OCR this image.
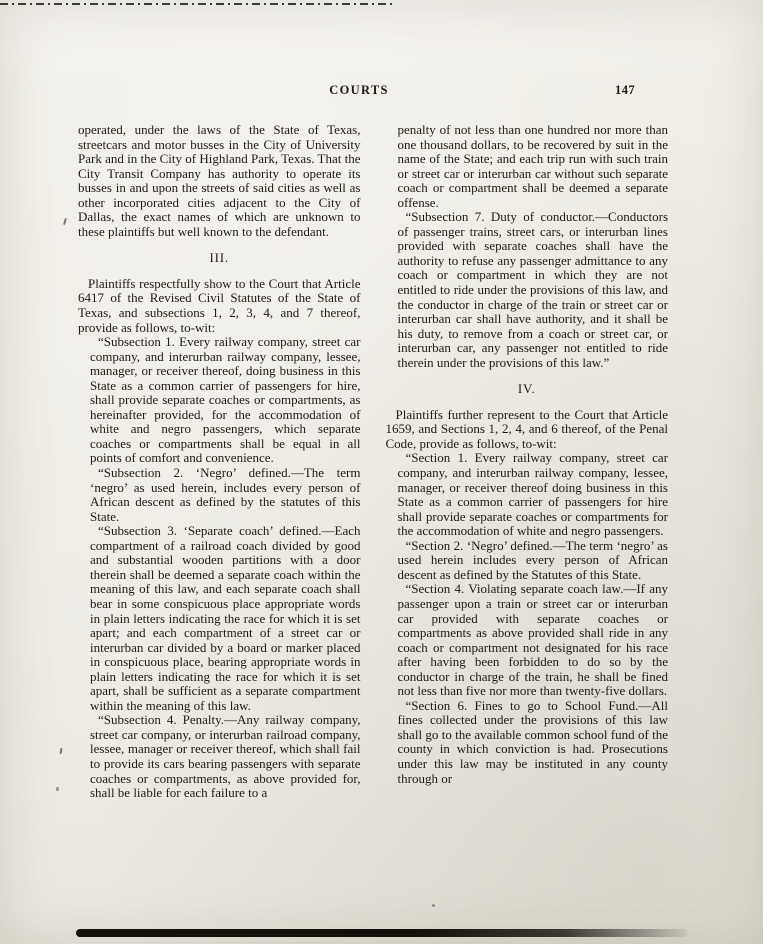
COURTS	147

operated, under the laws of the State of Texas, streetcars and motor busses in the City of University Park and in the City of Highland Park, Texas. That the City Transit Company has authority to operate its busses in and upon the streets of said cities as well as other incorporated cities adjacent to the City of Dallas, the exact names of which are unknown to these plaintiffs but well known to the defendant.

III.

Plaintiffs respectfully show to the Court that Article 6417 of the Revised Civil Statutes of the State of Texas, and subsections 1, 2, 3, 4, and 7 thereof, provide as follows, to-wit:

“Subsection 1. Every railway company, street car company, and interurban railway company, lessee, manager, or receiver thereof, doing business in this State as a common carrier of passengers for hire, shall provide separate coaches or compartments, as hereinafter provided, for the accommodation of white and negro passengers, which separate coaches or compartments shall be equal in all points of comfort and convenience.

“Subsection 2. ‘Negro’ defined.—The term ‘negro’ as used herein, includes every person of African descent as defined by the statutes of this State.

“Subsection 3. ‘Separate coach’ defined.—Each compartment of a railroad coach divided by good and substantial wooden partitions with a door therein shall be deemed a separate coach within the meaning of this law, and each separate coach shall bear in some conspicuous place appropriate words in plain letters indicating the race for which it is set apart; and each compartment of a street car or interurban car divided by a board or marker placed in conspicuous place, bearing appropriate words in plain letters indicating the race for which it is set apart, shall be sufficient as a separate compartment within the meaning of this law.

“Subsection 4. Penalty.—Any railway company, street car company, or interurban railroad company, lessee, manager or receiver thereof, which shall fail to provide its cars bearing passengers with separate coaches or compartments, as above provided for, shall be liable for each failure to a

penalty of not less than one hundred nor more than one thousand dollars, to be recovered by suit in the name of the State; and each trip run with such train or street car or interurban car without such separate coach or compartment shall be deemed a separate offense.

“Subsection 7. Duty of conductor.—Conductors of passenger trains, street cars, or interurban lines provided with separate coaches shall have the authority to refuse any passenger admittance to any coach or compartment in which they are not entitled to ride under the provisions of this law, and the conductor in charge of the train or street car or interurban car shall have authority, and it shall be his duty, to remove from a coach or street car, or interurban car, any passenger not entitled to ride therein under the provisions of this law.”

IV.

Plaintiffs further represent to the Court that Article 1659, and Sections 1, 2, 4, and 6 thereof, of the Penal Code, provide as follows, to-wit:

“Section 1. Every railway company, street car company, and interurban railway company, lessee, manager, or receiver thereof doing business in this State as a common carrier of passengers for hire shall provide separate coaches or compartments for the accommodation of white and negro passengers.

“Section 2. ‘Negro’ defined.—The term ‘negro’ as used herein includes every person of African descent as defined by the Statutes of this State.

“Section 4. Violating separate coach law.—If any passenger upon a train or street car or interurban car provided with separate coaches or compartments as above provided shall ride in any coach or compartment not designated for his race after having been forbidden to do so by the conductor in charge of the train, he shall be fined not less than five nor more than twenty-five dollars.

“Section 6. Fines to go to School Fund.—All fines collected under the provisions of this law shall go to the available common school fund of the county in which conviction is had. Prosecutions under this law may be instituted in any county through or
